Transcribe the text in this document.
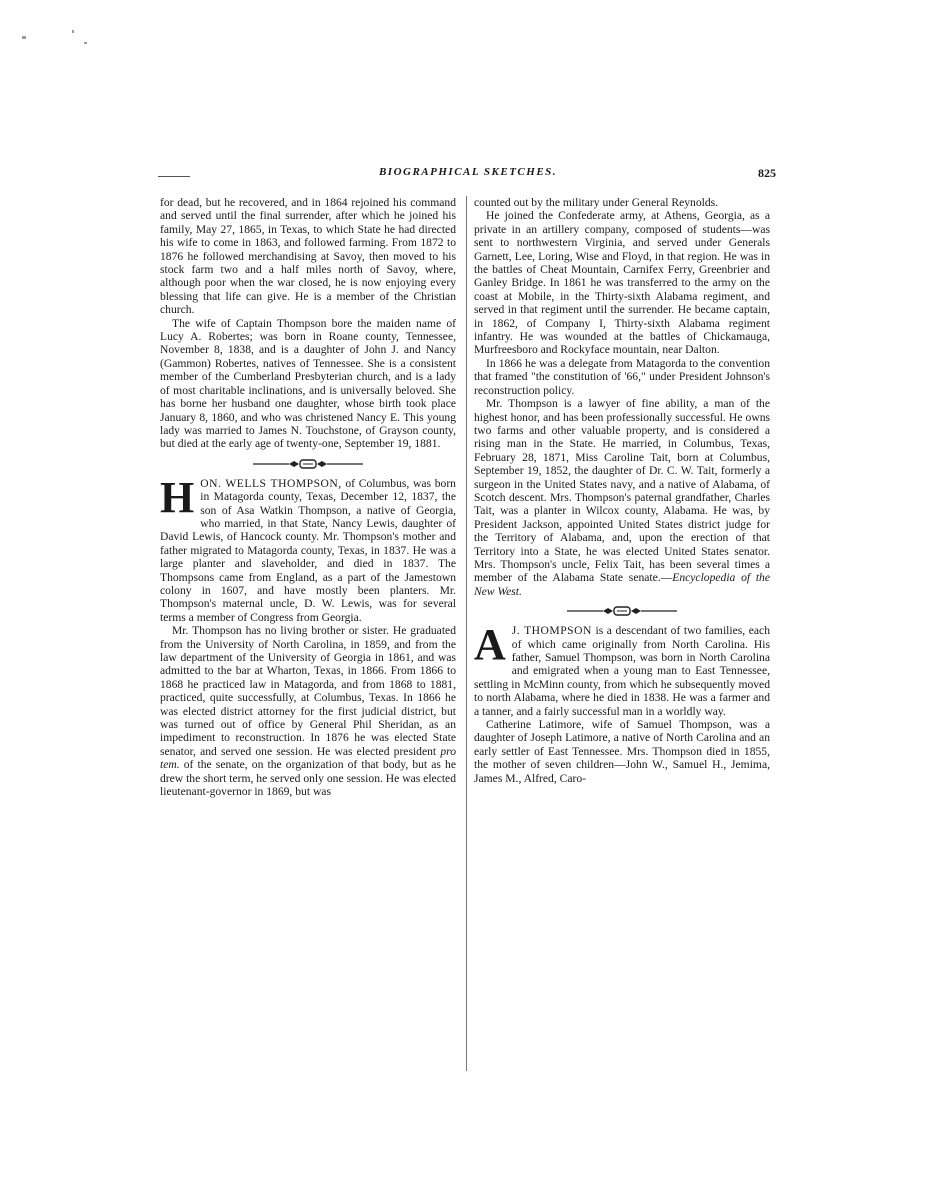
BIOGRAPHICAL SKETCHES.	825

for dead, but he recovered, and in 1864 rejoined his command and served until the final surrender, after which he joined his family, May 27, 1865, in Texas, to which State he had directed his wife to come in 1863, and followed farming. From 1872 to 1876 he followed merchandising at Savoy, then moved to his stock farm two and a half miles north of Savoy, where, although poor when the war closed, he is now enjoying every blessing that life can give. He is a member of the Christian church.

The wife of Captain Thompson bore the maiden name of Lucy A. Robertes; was born in Roane county, Tennessee, November 8, 1838, and is a daughter of John J. and Nancy (Gammon) Robertes, natives of Tennessee. She is a consistent member of the Cumberland Presbyterian church, and is a lady of most charitable inclinations, and is universally beloved. She has borne her husband one daughter, whose birth took place January 8, 1860, and who was christened Nancy E. This young lady was married to James N. Touchstone, of Grayson county, but died at the early age of twenty-one, September 19, 1881.

HON. WELLS THOMPSON, of Columbus, was born in Matagorda county, Texas, December 12, 1837, the son of Asa Watkin Thompson, a native of Georgia, who married, in that State, Nancy Lewis, daughter of David Lewis, of Hancock county. Mr. Thompson's mother and father migrated to Matagorda county, Texas, in 1837. He was a large planter and slaveholder, and died in 1837. The Thompsons came from England, as a part of the Jamestown colony in 1607, and have mostly been planters. Mr. Thompson's maternal uncle, D. W. Lewis, was for several terms a member of Congress from Georgia.

Mr. Thompson has no living brother or sister. He graduated from the University of North Carolina, in 1859, and from the law department of the University of Georgia in 1861, and was admitted to the bar at Wharton, Texas, in 1866. From 1866 to 1868 he practiced law in Matagorda, and from 1868 to 1881, practiced, quite successfully, at Columbus, Texas. In 1866 he was elected district attorney for the first judicial district, but was turned out of office by General Phil Sheridan, as an impediment to reconstruction. In 1876 he was elected State senator, and served one session. He was elected president pro tem. of the senate, on the organization of that body, but as he drew the short term, he served only one session. He was elected lieutenant-governor in 1869, but was

counted out by the military under General Reynolds.

He joined the Confederate army, at Athens, Georgia, as a private in an artillery company, composed of students—was sent to northwestern Virginia, and served under Generals Garnett, Lee, Loring, Wise and Floyd, in that region. He was in the battles of Cheat Mountain, Carnifex Ferry, Greenbrier and Ganley Bridge. In 1861 he was transferred to the army on the coast at Mobile, in the Thirty-sixth Alabama regiment, and served in that regiment until the surrender. He became captain, in 1862, of Company I, Thirty-sixth Alabama regiment infantry. He was wounded at the battles of Chickamauga, Murfreesboro and Rockyface mountain, near Dalton.

In 1866 he was a delegate from Matagorda to the convention that framed "the constitution of '66," under President Johnson's reconstruction policy.

Mr. Thompson is a lawyer of fine ability, a man of the highest honor, and has been professionally successful. He owns two farms and other valuable property, and is considered a rising man in the State. He married, in Columbus, Texas, February 28, 1871, Miss Caroline Tait, born at Columbus, September 19, 1852, the daughter of Dr. C. W. Tait, formerly a surgeon in the United States navy, and a native of Alabama, of Scotch descent. Mrs. Thompson's paternal grandfather, Charles Tait, was a planter in Wilcox county, Alabama. He was, by President Jackson, appointed United States district judge for the Territory of Alabama, and, upon the erection of that Territory into a State, he was elected United States senator. Mrs. Thompson's uncle, Felix Tait, has been several times a member of the Alabama State senate.—Encyclopedia of the New West.

A J. THOMPSON is a descendant of two families, each of which came originally from North Carolina. His father, Samuel Thompson, was born in North Carolina and emigrated when a young man to East Tennessee, settling in McMinn county, from which he subsequently moved to north Alabama, where he died in 1838. He was a farmer and a tanner, and a fairly successful man in a worldly way.

Catherine Latimore, wife of Samuel Thompson, was a daughter of Joseph Latimore, a native of North Carolina and an early settler of East Tennessee. Mrs. Thompson died in 1855, the mother of seven children—John W., Samuel H., Jemima, James M., Alfred, Caro-
